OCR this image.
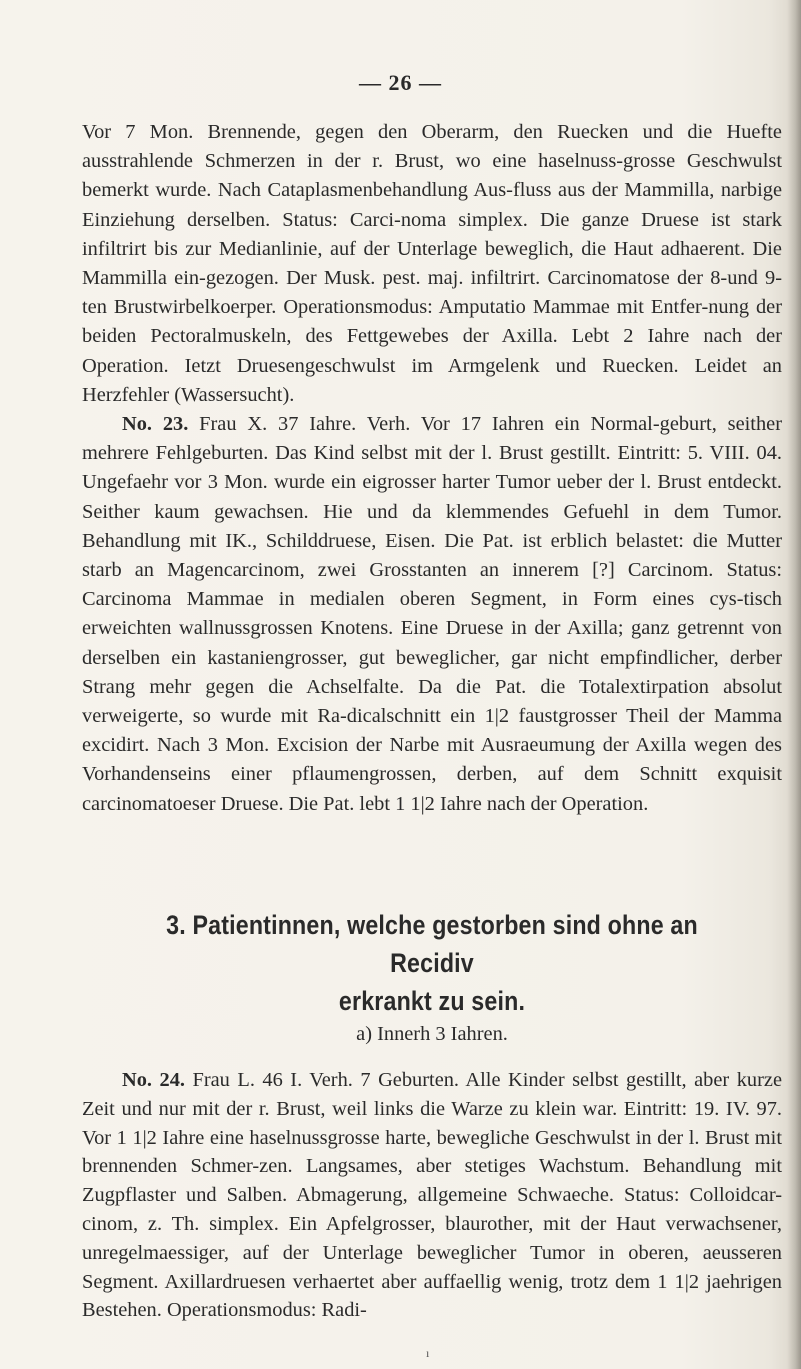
— 26 —

Vor 7 Mon. Brennende, gegen den Oberarm, den Ruecken und die Huefte ausstrahlende Schmerzen in der r. Brust, wo eine haselnuss-grosse Geschwulst bemerkt wurde. Nach Cataplasmenbehandlung Aus-fluss aus der Mammilla, narbige Einziehung derselben. Status: Carci-noma simplex. Die ganze Druese ist stark infiltrirt bis zur Medianlinie, auf der Unterlage beweglich, die Haut adhaerent. Die Mammilla ein-gezogen. Der Musk. pest. maj. infiltrirt. Carcinomatose der 8-und 9-ten Brustwirbelkoerper. Operationsmodus: Amputatio Mammae mit Entfer-nung der beiden Pectoralmuskeln, des Fettgewebes der Axilla. Lebt 2 Iahre nach der Operation. Ietzt Druesengeschwulst im Armgelenk und Ruecken. Leidet an Herzfehler (Wassersucht).

No. 23. Frau X. 37 Iahre. Verh. Vor 17 Iahren ein Normal-geburt, seither mehrere Fehlgeburten. Das Kind selbst mit der l. Brust gestillt. Eintritt: 5. VIII. 04. Ungefaehr vor 3 Mon. wurde ein eigrosser harter Tumor ueber der l. Brust entdeckt. Seither kaum gewachsen. Hie und da klemmendes Gefuehl in dem Tumor. Behandlung mit IK., Schilddruese, Eisen. Die Pat. ist erblich belastet: die Mutter starb an Magencarcinom, zwei Grosstanten an innerem [?] Carcinom. Status: Carcinoma Mammae in medialen oberen Segment, in Form eines cys-tisch erweichten wallnussgrossen Knotens. Eine Druese in der Axilla; ganz getrennt von derselben ein kastaniengrosser, gut beweglicher, gar nicht empfindlicher, derber Strang mehr gegen die Achselfalte. Da die Pat. die Totalextirpation absolut verweigerte, so wurde mit Ra-dicalschnitt ein 1|2 faustgrosser Theil der Mamma excidirt. Nach 3 Mon. Excision der Narbe mit Ausraeumung der Axilla wegen des Vorhandenseins einer pflaumengrossen, derben, auf dem Schnitt exquisit carcinomatoeser Druese. Die Pat. lebt 1 1|2 Iahre nach der Operation.

3. Patientinnen, welche gestorben sind ohne an Recidiv
erkrankt zu sein.
a) Innerh 3 Iahren.

No. 24. Frau L. 46 I. Verh. 7 Geburten. Alle Kinder selbst gestillt, aber kurze Zeit und nur mit der r. Brust, weil links die Warze zu klein war. Eintritt: 19. IV. 97. Vor 1 1|2 Iahre eine haselnussgrosse harte, bewegliche Geschwulst in der l. Brust mit brennenden Schmer-zen. Langsames, aber stetiges Wachstum. Behandlung mit Zugpflaster und Salben. Abmagerung, allgemeine Schwaeche. Status: Colloidcar-cinom, z. Th. simplex. Ein Apfelgrosser, blaurother, mit der Haut verwachsener, unregelmaessiger, auf der Unterlage beweglicher Tumor in oberen, aeusseren Segment. Axillardruesen verhaertet aber auffaellig wenig, trotz dem 1 1|2 jaehrigen Bestehen. Operationsmodus: Radi-

ı
